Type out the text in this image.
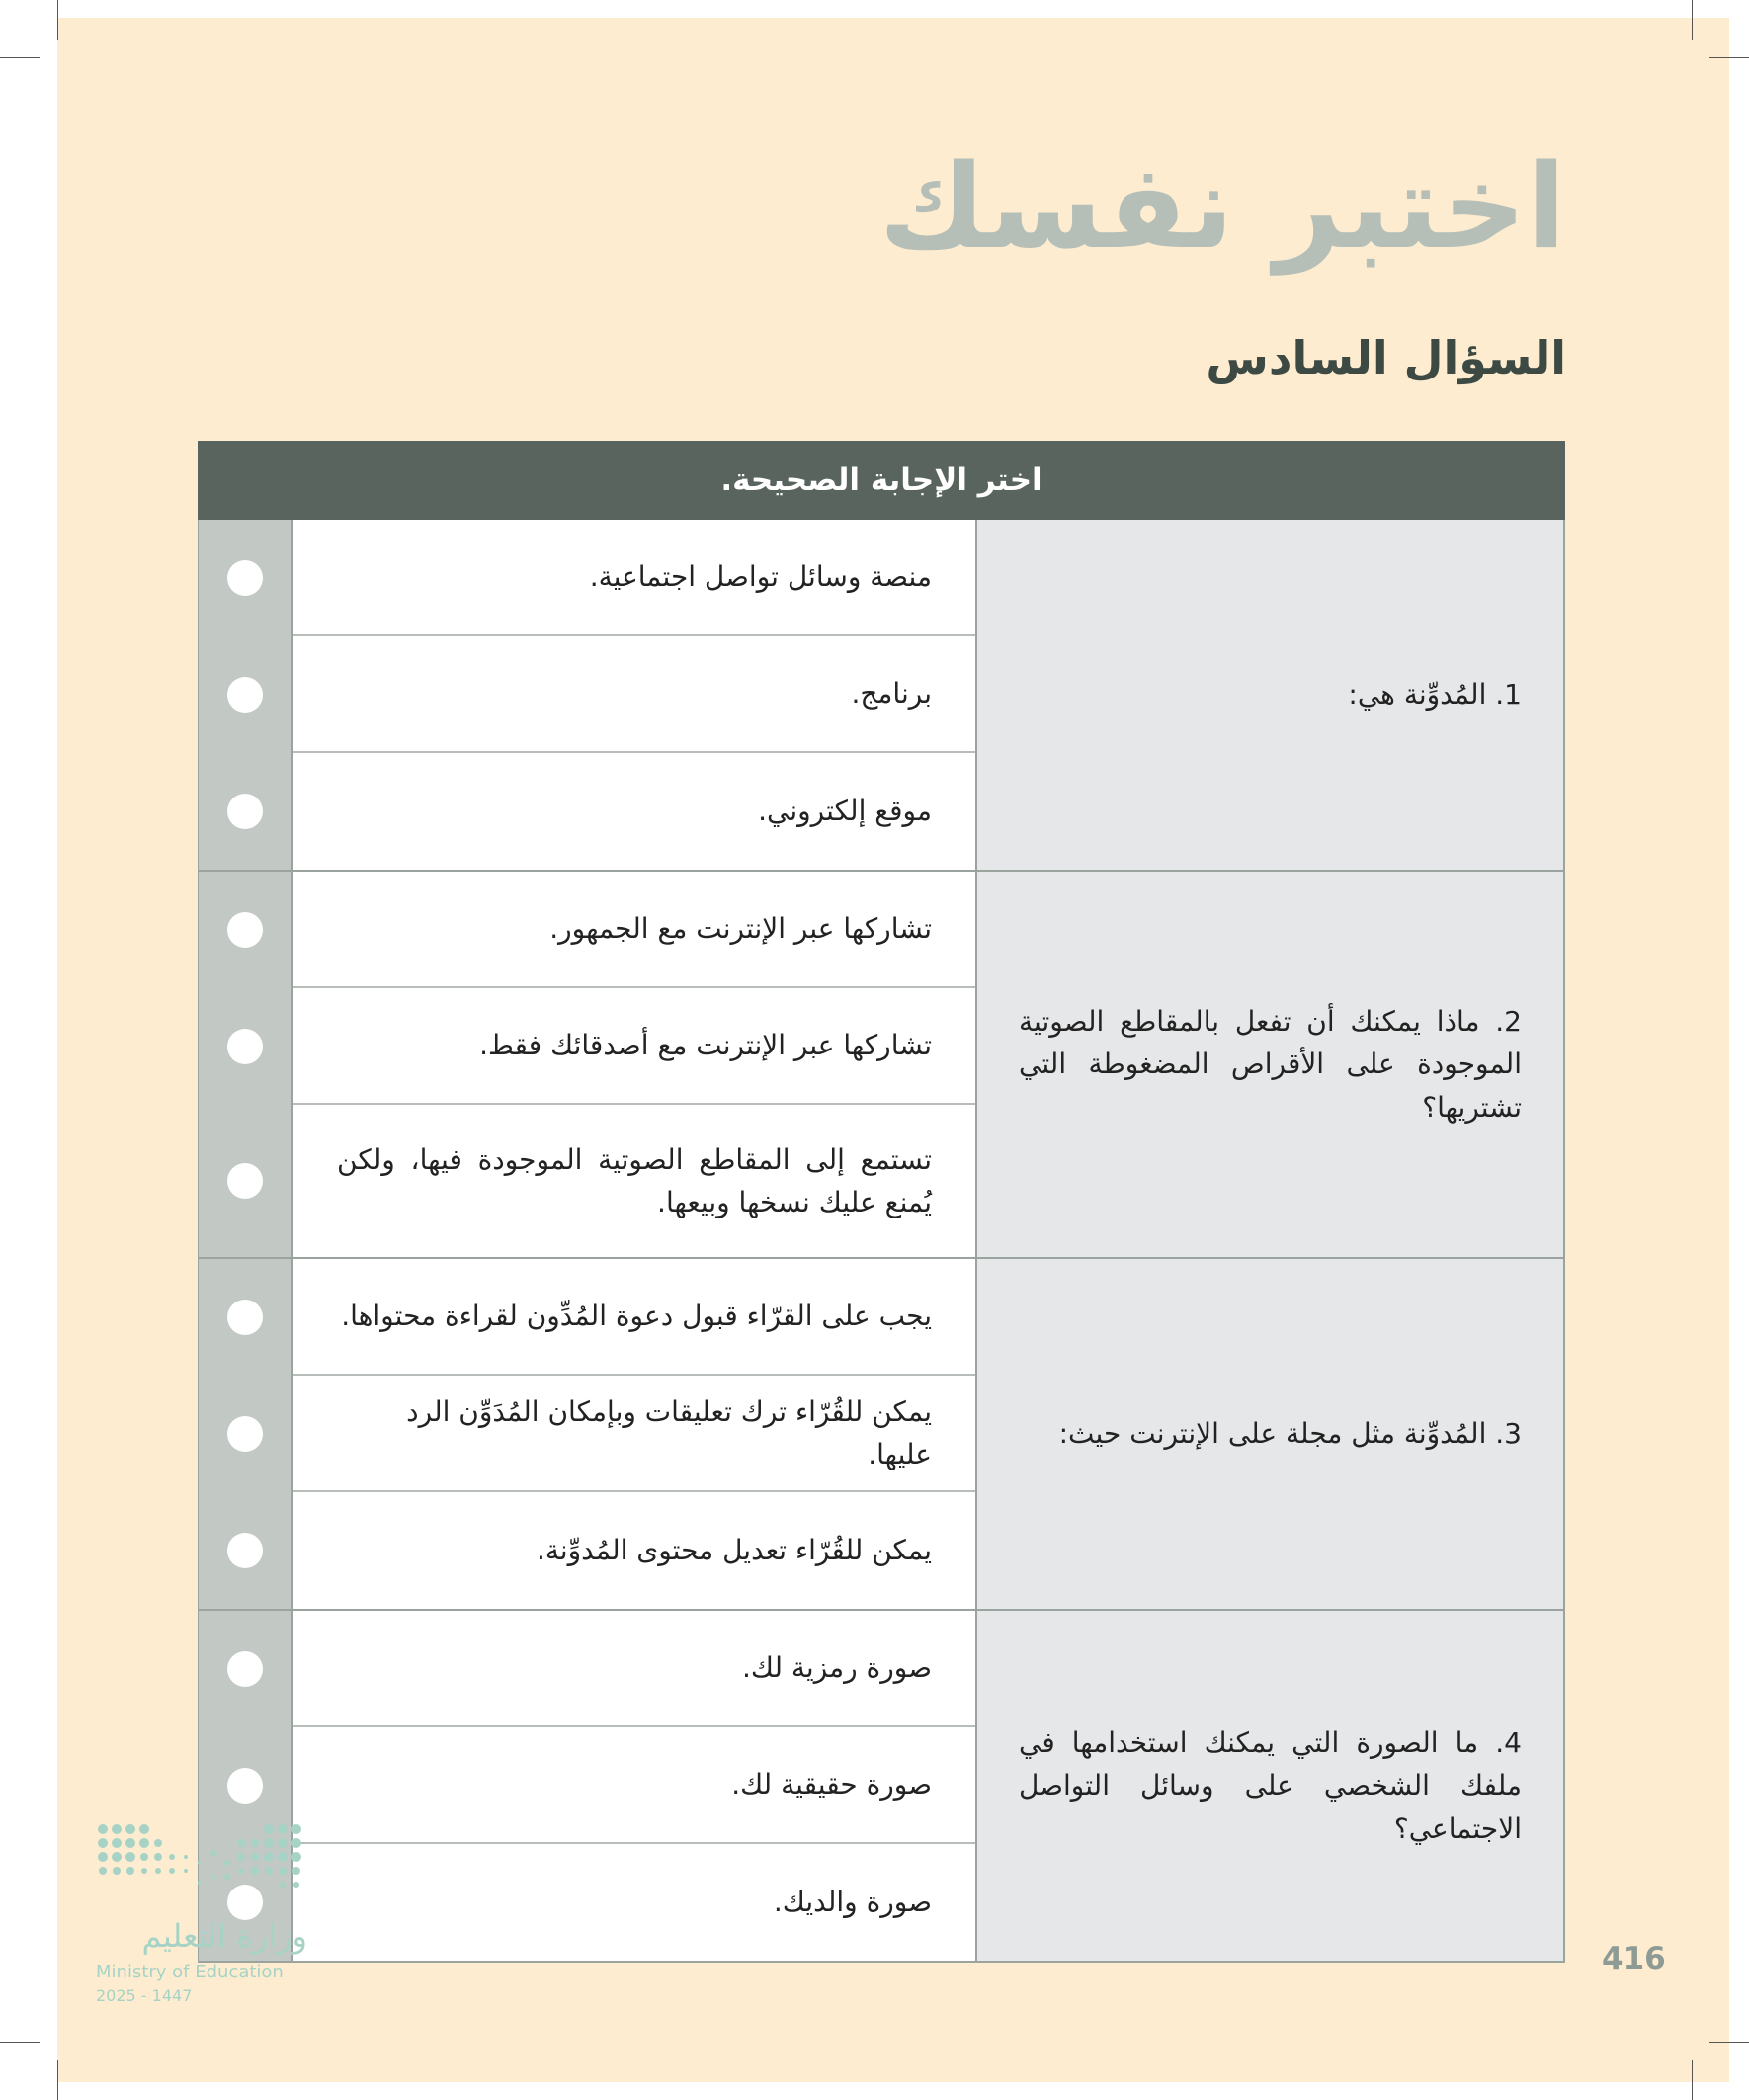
اختبر نفسك
السؤال السادس
اختر الإجابة الصحيحة.
منصة وسائل تواصل اجتماعية.
برنامج.
موقع إلكتروني.
1. المُدوِّنة هي:
تشاركها عبر الإنترنت مع الجمهور.
تشاركها عبر الإنترنت مع أصدقائك فقط.
تستمع إلى المقاطع الصوتية الموجودة فيها، ولكن يُمنع عليك نسخها وبيعها.
2. ماذا يمكنك أن تفعل بالمقاطع الصوتية الموجودة على الأقراص المضغوطة التي تشتريها؟
يجب على القرّاء قبول دعوة المُدِّون لقراءة محتواها.
يمكن للقُرّاء ترك تعليقات وبإمكان المُدَوِّن الرد عليها.
يمكن للقُرّاء تعديل محتوى المُدوِّنة.
3. المُدوِّنة مثل مجلة على الإنترنت حيث:
صورة رمزية لك.
صورة حقيقية لك.
صورة والديك.
4. ما الصورة التي يمكنك استخدامها في ملفك الشخصي على وسائل التواصل الاجتماعي؟
وزارة التعليم
Ministry of Education
2025 - 1447
416
